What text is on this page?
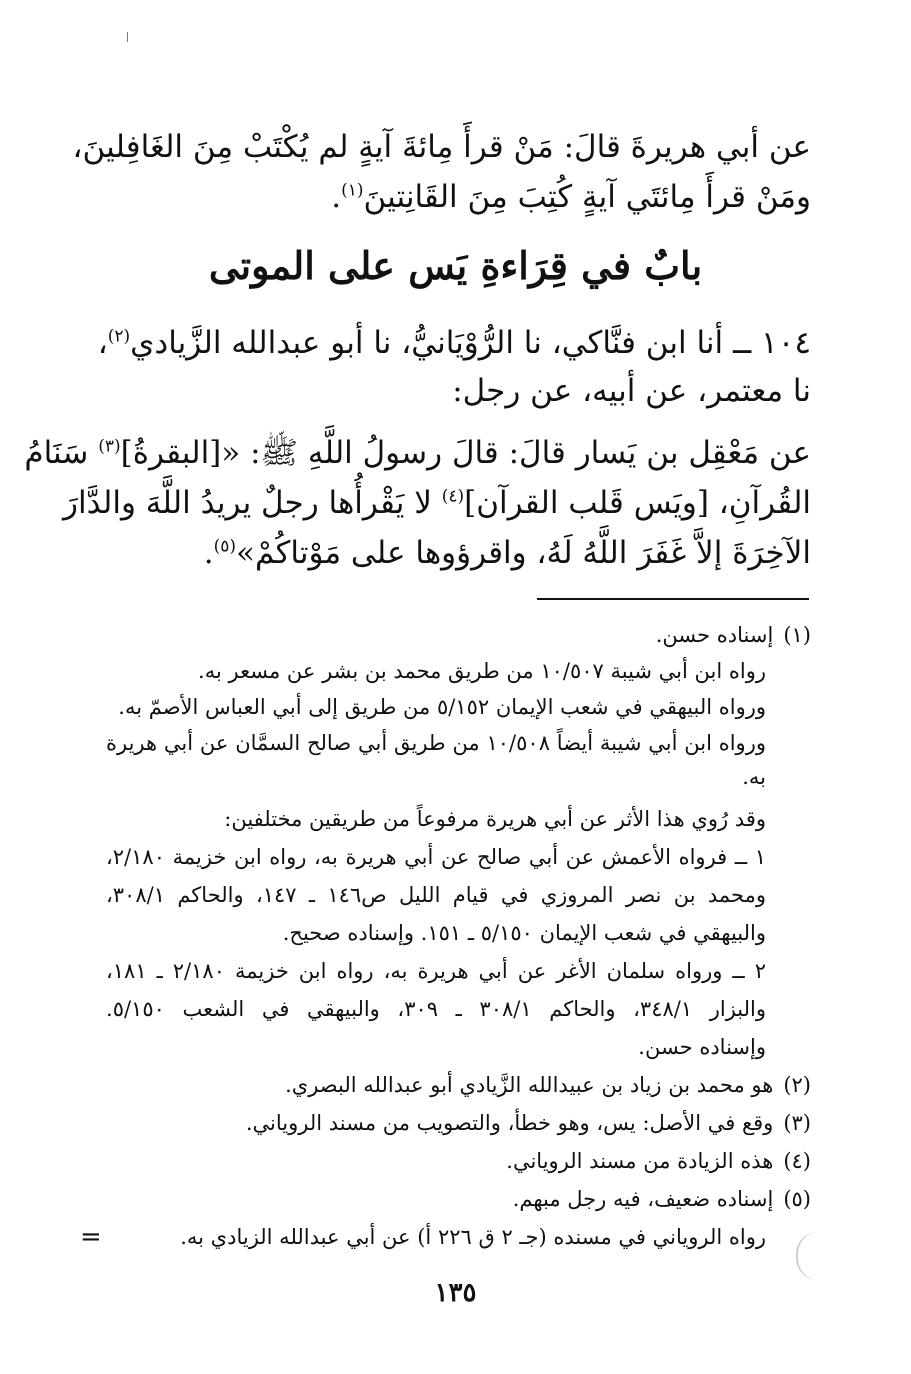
عن أبي هريرةَ قالَ: مَنْ قرأَ مِائةَ آيةٍ لم يُكْتَبْ مِنَ الغَافِلينَ،
ومَنْ قرأَ مِائتَي آيةٍ كُتِبَ مِنَ القَانِتينَ$^{(١)}$.
بابٌ في قِرَاءةِ يَس على الموتى
١٠٤ ــ أنا ابن فنَّاكي، نا الرُّوْيَانيُّ، نا أبو عبدالله الزَّيادي$^{(٢)}$،
نا معتمر، عن أبيه، عن رجل:
عن مَعْقِل بن يَسار قالَ: قالَ رسولُ اللَّهِ ﷺ: «[البقرةُ]$^{(٣)}$ سَنَامُ
القُرآنِ، [ويَس قَلب القرآن]$^{(٤)}$ لا يَقْرأُها رجلٌ يريدُ اللَّهَ والدَّارَ
الآخِرَةَ إلاَّ غَفَرَ اللَّهُ لَهُ، واقرؤوها على مَوْتاكُمْ»$^{(٥)}$.
(١)إسناده حسن.
رواه ابن أبي شيبة ١٠/٥٠٧ من طريق محمد بن بشر عن مسعر به.
ورواه البيهقي في شعب الإيمان ٥/١٥٢ من طريق إلى أبي العباس الأصمّ به.
ورواه ابن أبي شيبة أيضاً ١٠/٥٠٨ من طريق أبي صالح السمَّان عن أبي هريرة
به.
وقد رُوي هذا الأثر عن أبي هريرة مرفوعاً من طريقين مختلفين:
١ ــ فرواه الأعمش عن أبي صالح عن أبي هريرة به، رواه ابن خزيمة ٢/١٨٠،
ومحمد بن نصر المروزي في قيام الليل ص١٤٦ ـ ١٤٧، والحاكم ٣٠٨/١،
والبيهقي في شعب الإيمان ٥/١٥٠ ـ ١٥١. وإسناده صحيح.
٢ ــ ورواه سلمان الأغر عن أبي هريرة به، رواه ابن خزيمة ٢/١٨٠ ـ ١٨١،
والبزار ٣٤٨/١، والحاكم ٣٠٨/١ ـ ٣٠٩، والبيهقي في الشعب ٥/١٥٠.
وإسناده حسن.
(٢)هو محمد بن زياد بن عبيدالله الزَّيادي أبو عبدالله البصري.
(٣)وقع في الأصل: يس، وهو خطأ، والتصويب من مسند الروياني.
(٤)هذه الزيادة من مسند الروياني.
(٥)إسناده ضعيف، فيه رجل مبهم.
رواه الروياني في مسنده (جـ ٢ ق ٢٢٦ أ) عن أبي عبدالله الزيادي به.
=
١٣٥
